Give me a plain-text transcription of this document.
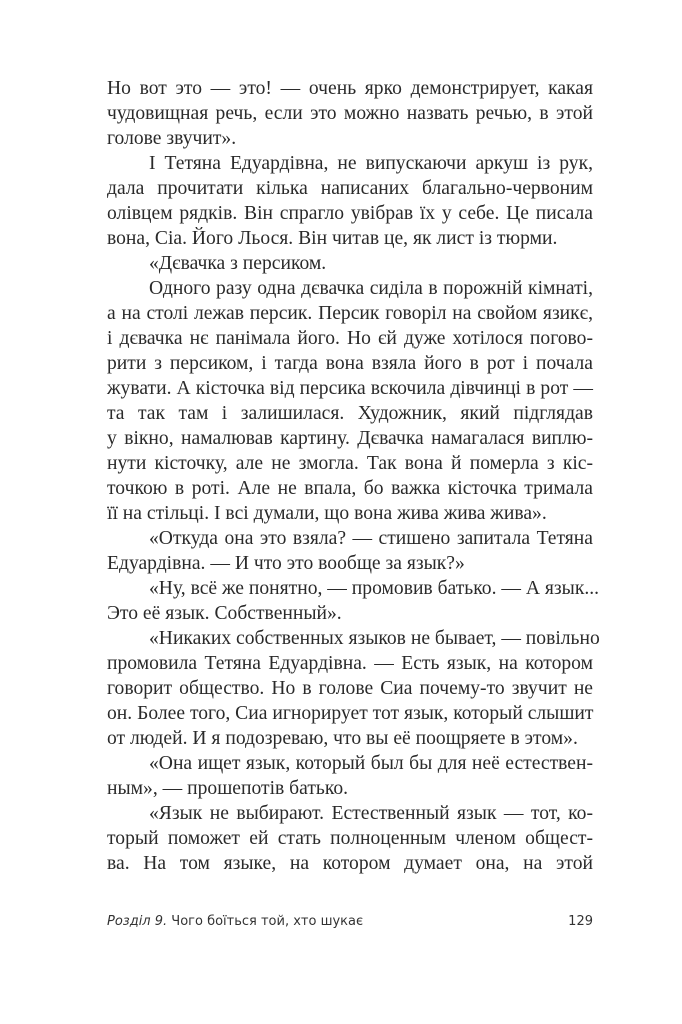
Но вот это — это! — очень ярко демонстрирует, какая
чудовищная речь, если это можно назвать речью, в этой
голове звучит».
І Тетяна Едуардівна, не випускаючи аркуш із рук,
дала прочитати кілька написаних благально-червоним
олівцем рядків. Він спрагло увібрав їх у себе. Це писала
вона, Сіа. Його Льося. Він читав це, як лист із тюрми.
«Дєвачка з персиком.
Одного разу одна дєвачка сиділа в порожній кімнаті,
а на столі лежав персик. Персик говоріл на свойом язикє,
і дєвачка нє панімала його. Но єй дуже хотілося погово-
рити з персиком, і тагда вона взяла його в рот і почала
жувати. А кісточка від персика вскочила дівчинці в рот —
та так там і залишилася. Художник, який підглядав
у вікно, намалював картину. Дєвачка намагалася виплю-
нути кісточку, але не змогла. Так вона й померла з кіс-
точкою в роті. Але не впала, бо важка кісточка тримала
її на стільці. І всі думали, що вона жива жива жива».
«Откуда она это взяла? — стишено запитала Тетяна
Едуардівна. — И что это вообще за язык?»
«Ну, всё же понятно, — промовив батько. — А язык...
Это её язык. Собственный».
«Никаких собственных языков не бывает, — повільно
промовила Тетяна Едуардівна. — Есть язык, на котором
говорит общество. Но в голове Сиа почему-то звучит не
он. Более того, Сиа игнорирует тот язык, который слышит
от людей. И я подозреваю, что вы её поощряете в этом».
«Она ищет язык, который был бы для неё естествен-
ным», — прошепотів батько.
«Язык не выбирают. Естественный язык — тот, ко-
торый поможет ей стать полноценным членом общест-
ва. На том языке, на котором думает она, на этой
Розділ 9. Чого боїться той, хто шукає	129
